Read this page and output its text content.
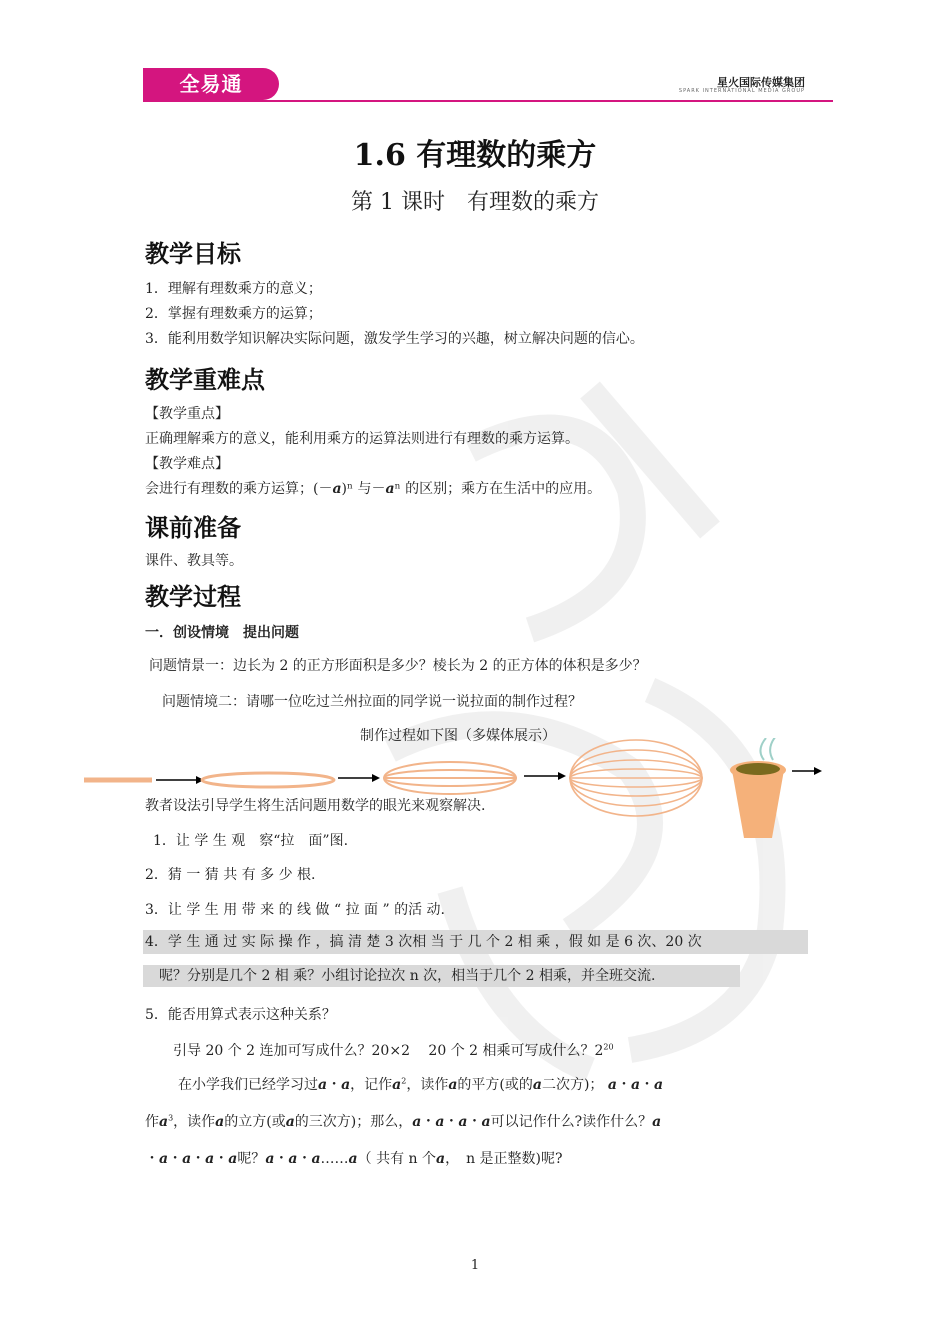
全易通	星火国际传媒集团
SPARK INTERNATIONAL MEDIA GROUP
1.6 有理数的乘方
第 1 课时　有理数的乘方
教学目标
1．理解有理数乘方的意义；
2．掌握有理数乘方的运算；
3．能利用数学知识解决实际问题，激发学生学习的兴趣，树立解决问题的信心。
教学重难点
【教学重点】
正确理解乘方的意义，能利用乘方的运算法则进行有理数的乘方运算。
【教学难点】
会进行有理数的乘方运算；(－a)ⁿ 与－aⁿ 的区别；乘方在生活中的应用。
课前准备
课件、教具等。
教学过程
一．创设情境　提出问题
问题情景一：边长为 2 的正方形面积是多少？棱长为 2 的正方体的体积是多少？
问题情境二：请哪一位吃过兰州拉面的同学说一说拉面的制作过程？
制作过程如下图（多媒体展示）
教者设法引导学生将生活问题用数学的眼光来观察解决.
1．让 学 生 观　察“拉　面”图.
2．猜 一 猜 共 有 多 少 根.
3．让 学 生 用 带 来 的 线 做 “ 拉 面 ” 的活 动.
4．学 生 通 过 实 际 操 作 ，搞 清 楚 3 次相 当 于 几 个 2 相 乘 ，假 如 是 6 次、20 次
呢？分别是几个 2 相 乘？小组讨论拉次 n 次，相当于几个 2 相乘，并全班交流.
5．能否用算式表示这种关系？
引导 20 个 2 连加可写成什么？20×2　 20 个 2 相乘可写成什么？$2^{20}$
在小学我们已经学习过a・a，记作$a^2$，读作a的平方(或的a二次方)； a・a・a
作$a^3$，读作a的立方(或a的三次方)；那么，a・a・a・a可以记作什么?读作什么？a
・a・a・a・a呢？a・a・a……a（ 共有 n 个a，　n 是正整数)呢?
1
